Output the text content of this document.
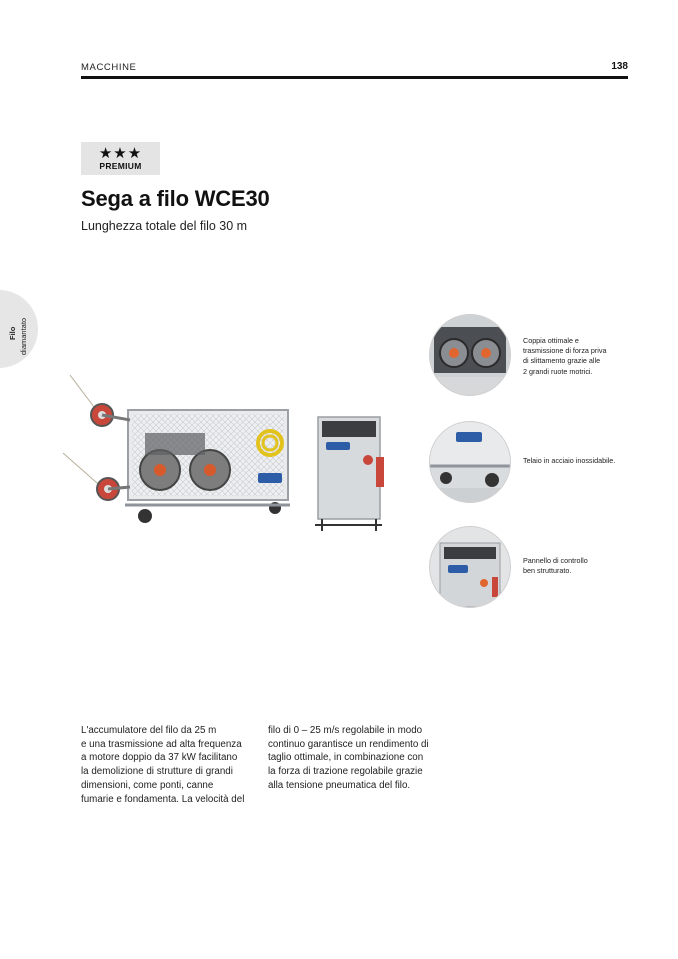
MACCHINE	138
★★★
PREMIUM
Sega a filo WCE30
Lunghezza totale del filo 30 m
Filo diamantato	Coppia ottimale e
trasmissione di forza priva
di slittamento grazie alle
2 grandi ruote motrici.
Telaio in acciaio inossidabile.
Pannello di controllo
ben strutturato.
L'accumulatore del filo da 25 m
e una trasmissione ad alta frequenza
a motore doppio da 37 kW facilitano
la demolizione di strutture di grandi
dimensioni, come ponti, canne
fumarie e fondamenta. La velocità del
filo di 0 – 25 m/s regolabile in modo
continuo garantisce un rendimento di
taglio ottimale, in combinazione con
la forza di trazione regolabile grazie
alla tensione pneumatica del filo.
